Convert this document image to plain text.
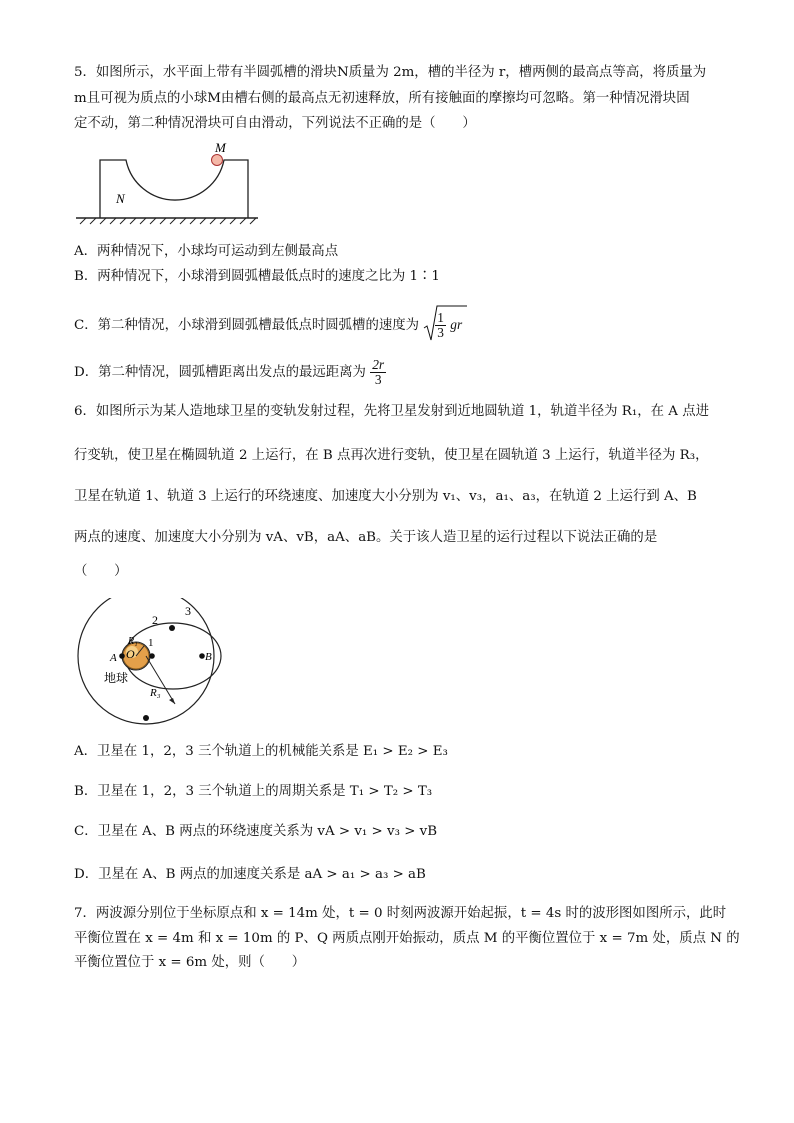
5．如图所示，水平面上带有半圆弧槽的滑块N质量为 2m，槽的半径为 r，槽两侧的最高点等高，将质量为
m且可视为质点的小球M由槽右侧的最高点无初速释放，所有接触面的摩擦均可忽略。第一种情况滑块固
定不动，第二种情况滑块可自由滑动，下列说法不正确的是（　　）
M
N
A．两种情况下，小球均可运动到左侧最高点
B．两种情况下，小球滑到圆弧槽最低点时的速度之比为 1∶1
C．第二种情况，小球滑到圆弧槽最低点时圆弧槽的速度为 $\frac{1}{3}$ gr
D．第二种情况，圆弧槽距离出发点的最远距离为 $\frac{2r}{3}$
6．如图所示为某人造地球卫星的变轨发射过程，先将卫星发射到近地圆轨道 1，轨道半径为 R₁，在 A 点进
行变轨，使卫星在椭圆轨道 2 上运行，在 B 点再次进行变轨，使卫星在圆轨道 3 上运行，轨道半径为 R₃，
卫星在轨道 1、轨道 3 上运行的环绕速度、加速度大小分别为 v₁、v₃，a₁、a₃，在轨道 2 上运行到 A、B
两点的速度、加速度大小分别为 vA、vB，aA、aB。关于该人造卫星的运行过程以下说法正确的是
（　　）
2
3
1
R₁
O
A	B
地球
R₃
A．卫星在 1，2，3 三个轨道上的机械能关系是 E₁ > E₂ > E₃
B．卫星在 1，2，3 三个轨道上的周期关系是 T₁ > T₂ > T₃
C．卫星在 A、B 两点的环绕速度关系为 vA > v₁ > v₃ > vB
D．卫星在 A、B 两点的加速度关系是 aA > a₁ > a₃ > aB
7．两波源分别位于坐标原点和 x = 14m 处，t = 0 时刻两波源开始起振，t = 4s 时的波形图如图所示，此时
平衡位置在 x = 4m 和 x = 10m 的 P、Q 两质点刚开始振动，质点 M 的平衡位置位于 x = 7m 处，质点 N 的
平衡位置位于 x = 6m 处，则（　　）
